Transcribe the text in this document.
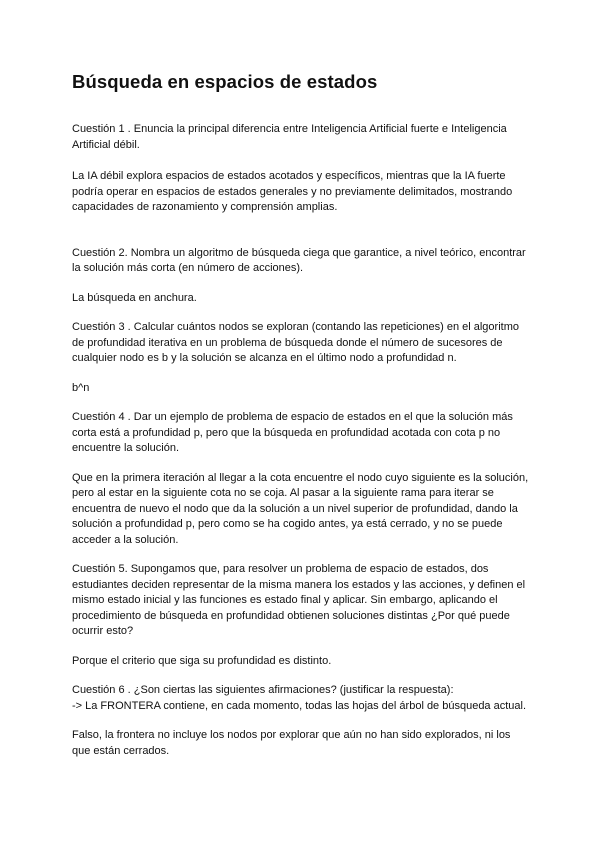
Búsqueda en espacios de estados

Cuestión 1 . Enuncia la principal diferencia entre Inteligencia Artificial fuerte e Inteligencia Artificial débil.

La IA débil explora espacios de estados acotados y específicos, mientras que la IA fuerte podría operar en espacios de estados generales y no previamente delimitados, mostrando capacidades de razonamiento y comprensión amplias.

Cuestión 2. Nombra un algoritmo de búsqueda ciega que garantice, a nivel teórico, encontrar la solución más corta (en número de acciones).

La búsqueda en anchura.

Cuestión 3 . Calcular cuántos nodos se exploran (contando las repeticiones) en el algoritmo de profundidad iterativa en un problema de búsqueda donde el número de sucesores de cualquier nodo es b y la solución se alcanza en el último nodo a profundidad n.

b^n

Cuestión 4 . Dar un ejemplo de problema de espacio de estados en el que la solución más corta está a profundidad p, pero que la búsqueda en profundidad acotada con cota p no encuentre la solución.

Que en la primera iteración al llegar a la cota encuentre el nodo cuyo siguiente es la solución, pero al estar en la siguiente cota no se coja. Al pasar a la siguiente rama para iterar se encuentra de nuevo el nodo que da la solución a un nivel superior de profundidad, dando la solución a profundidad p, pero como se ha cogido antes, ya está cerrado, y no se puede acceder a la solución.

Cuestión 5. Supongamos que, para resolver un problema de espacio de estados, dos estudiantes deciden representar de la misma manera los estados y las acciones, y definen el mismo estado inicial y las funciones es estado final y aplicar. Sin embargo, aplicando el procedimiento de búsqueda en profundidad obtienen soluciones distintas ¿Por qué puede ocurrir esto?

Porque el criterio que siga su profundidad es distinto.

Cuestión 6 . ¿Son ciertas las siguientes afirmaciones? (justificar la respuesta):

-> La FRONTERA contiene, en cada momento, todas las hojas del árbol de búsqueda actual.

Falso, la frontera no incluye los nodos por explorar que aún no han sido explorados, ni los que están cerrados.
